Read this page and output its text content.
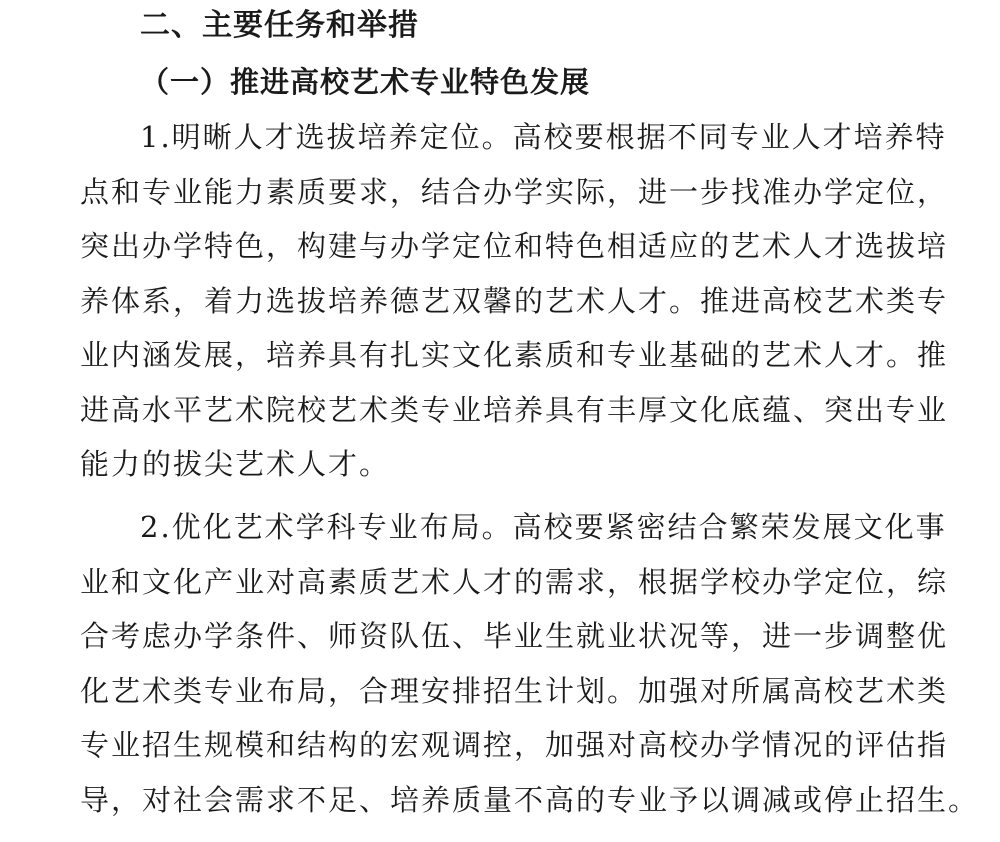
二、主要任务和举措
（一）推进高校艺术专业特色发展
1.明晰人才选拔培养定位。高校要根据不同专业人才培养特
点和专业能力素质要求，结合办学实际，进一步找准办学定位，
突出办学特色，构建与办学定位和特色相适应的艺术人才选拔培
养体系，着力选拔培养德艺双馨的艺术人才。推进高校艺术类专
业内涵发展，培养具有扎实文化素质和专业基础的艺术人才。推
进高水平艺术院校艺术类专业培养具有丰厚文化底蕴、突出专业
能力的拔尖艺术人才。
2.优化艺术学科专业布局。高校要紧密结合繁荣发展文化事
业和文化产业对高素质艺术人才的需求，根据学校办学定位，综
合考虑办学条件、师资队伍、毕业生就业状况等，进一步调整优
化艺术类专业布局，合理安排招生计划。加强对所属高校艺术类
专业招生规模和结构的宏观调控，加强对高校办学情况的评估指
导，对社会需求不足、培养质量不高的专业予以调减或停止招生。
